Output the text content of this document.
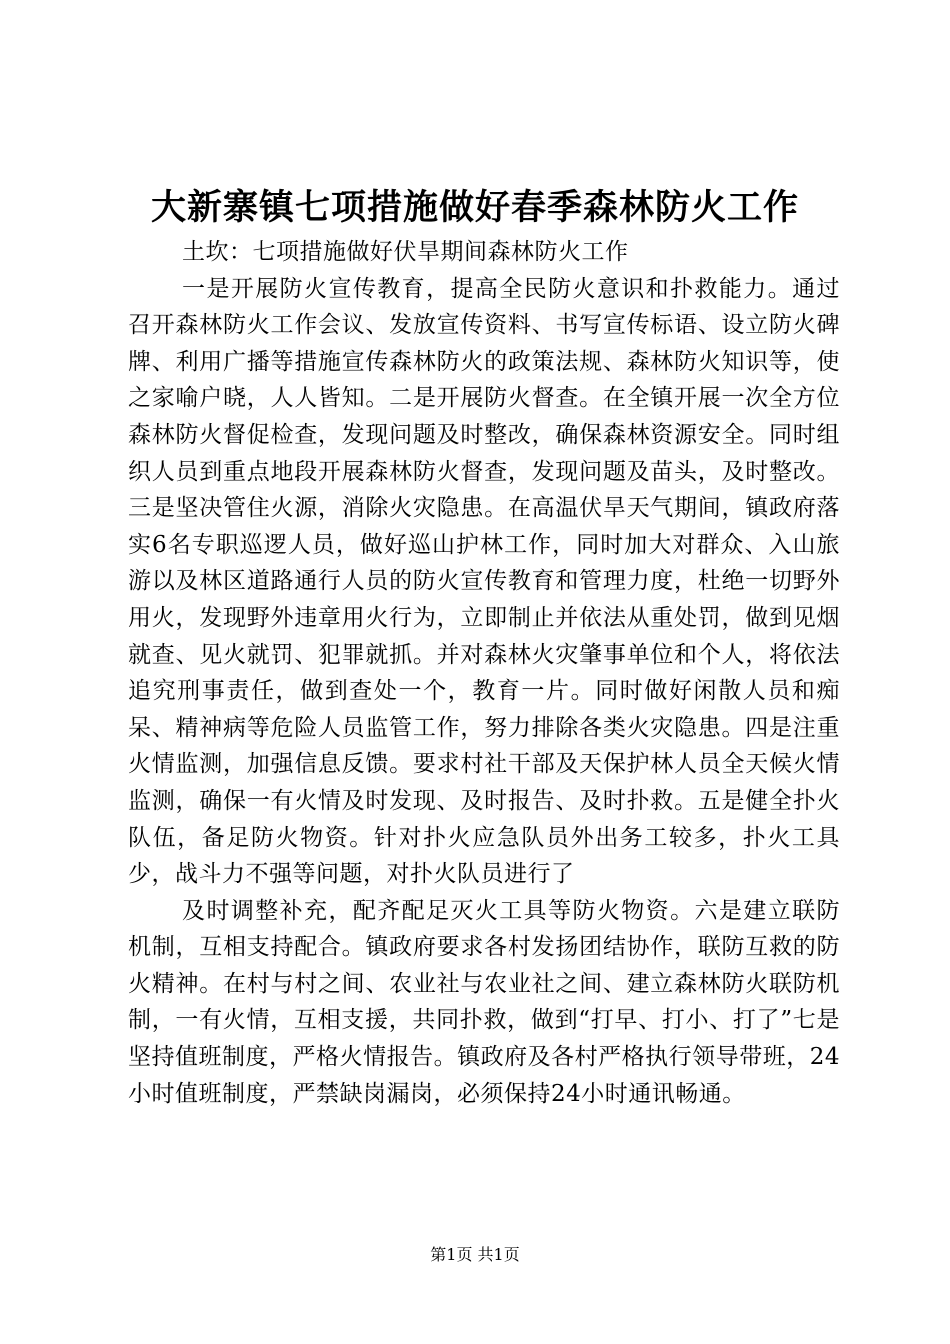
大新寨镇七项措施做好春季森林防火工作

土坎：七项措施做好伏旱期间森林防火工作

一是开展防火宣传教育，提高全民防火意识和扑救能力。通过召开森林防火工作会议、发放宣传资料、书写宣传标语、设立防火碑牌、利用广播等措施宣传森林防火的政策法规、森林防火知识等，使之家喻户晓，人人皆知。二是开展防火督查。在全镇开展一次全方位森林防火督促检查，发现问题及时整改，确保森林资源安全。同时组织人员到重点地段开展森林防火督查，发现问题及苗头，及时整改。三是坚决管住火源，消除火灾隐患。在高温伏旱天气期间，镇政府落实6名专职巡逻人员，做好巡山护林工作，同时加大对群众、入山旅游以及林区道路通行人员的防火宣传教育和管理力度，杜绝一切野外用火，发现野外违章用火行为，立即制止并依法从重处罚，做到见烟就查、见火就罚、犯罪就抓。并对森林火灾肇事单位和个人，将依法追究刑事责任，做到查处一个，教育一片。同时做好闲散人员和痴呆、精神病等危险人员监管工作，努力排除各类火灾隐患。四是注重火情监测，加强信息反馈。要求村社干部及天保护林人员全天候火情监测，确保一有火情及时发现、及时报告、及时扑救。五是健全扑火队伍，备足防火物资。针对扑火应急队员外出务工较多，扑火工具少，战斗力不强等问题，对扑火队员进行了

及时调整补充，配齐配足灭火工具等防火物资。六是建立联防机制，互相支持配合。镇政府要求各村发扬团结协作，联防互救的防火精神。在村与村之间、农业社与农业社之间、建立森林防火联防机制，一有火情，互相支援，共同扑救，做到“打早、打小、打了”七是坚持值班制度，严格火情报告。镇政府及各村严格执行领导带班，24小时值班制度，严禁缺岗漏岗，必须保持24小时通讯畅通。

第1页 共1页
